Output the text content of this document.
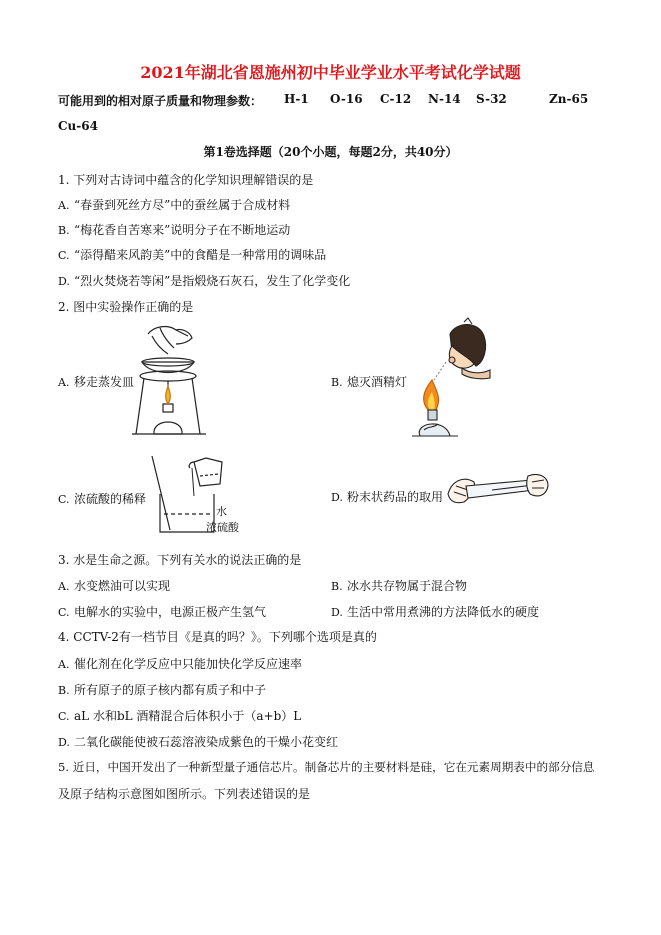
2021年湖北省恩施州初中毕业学业水平考试化学试题
可能用到的相对原子质量和物理参数： H-1 O-16 C-12 N-14 S-32	Zn-65
Cu-64
第1卷选择题（20个小题，每题2分，共40分）
1. 下列对古诗词中蕴含的化学知识理解错误的是
A. “春蚕到死丝方尽”中的蚕丝属于合成材料
B. “梅花香自苦寒来”说明分子在不断地运动
C. “添得醋来风韵美”中的食醋是一种常用的调味品
D. “烈火焚烧若等闲”是指煅烧石灰石，发生了化学变化
2. 图中实验操作正确的是
A. 移走蒸发皿	B. 熄灭酒精灯
C. 浓硫酸的稀释
水
浓硫酸
D. 粉末状药品的取用
3. 水是生命之源。下列有关水的说法正确的是
A. 水变燃油可以实现	B. 冰水共存物属于混合物
C. 电解水的实验中，电源正极产生氢气	D. 生活中常用煮沸的方法降低水的硬度
4. CCTV-2有一档节目《是真的吗？》。下列哪个选项是真的
A. 催化剂在化学反应中只能加快化学反应速率
B. 所有原子的原子核内都有质子和中子
C. aL 水和bL 酒精混合后体积小于（a+b）L
D. 二氧化碳能使被石蕊溶液染成紫色的干燥小花变红
5. 近日，中国开发出了一种新型量子通信芯片。制备芯片的主要材料是硅，它在元素周期表中的部分信息
及原子结构示意图如图所示。下列表述错误的是
